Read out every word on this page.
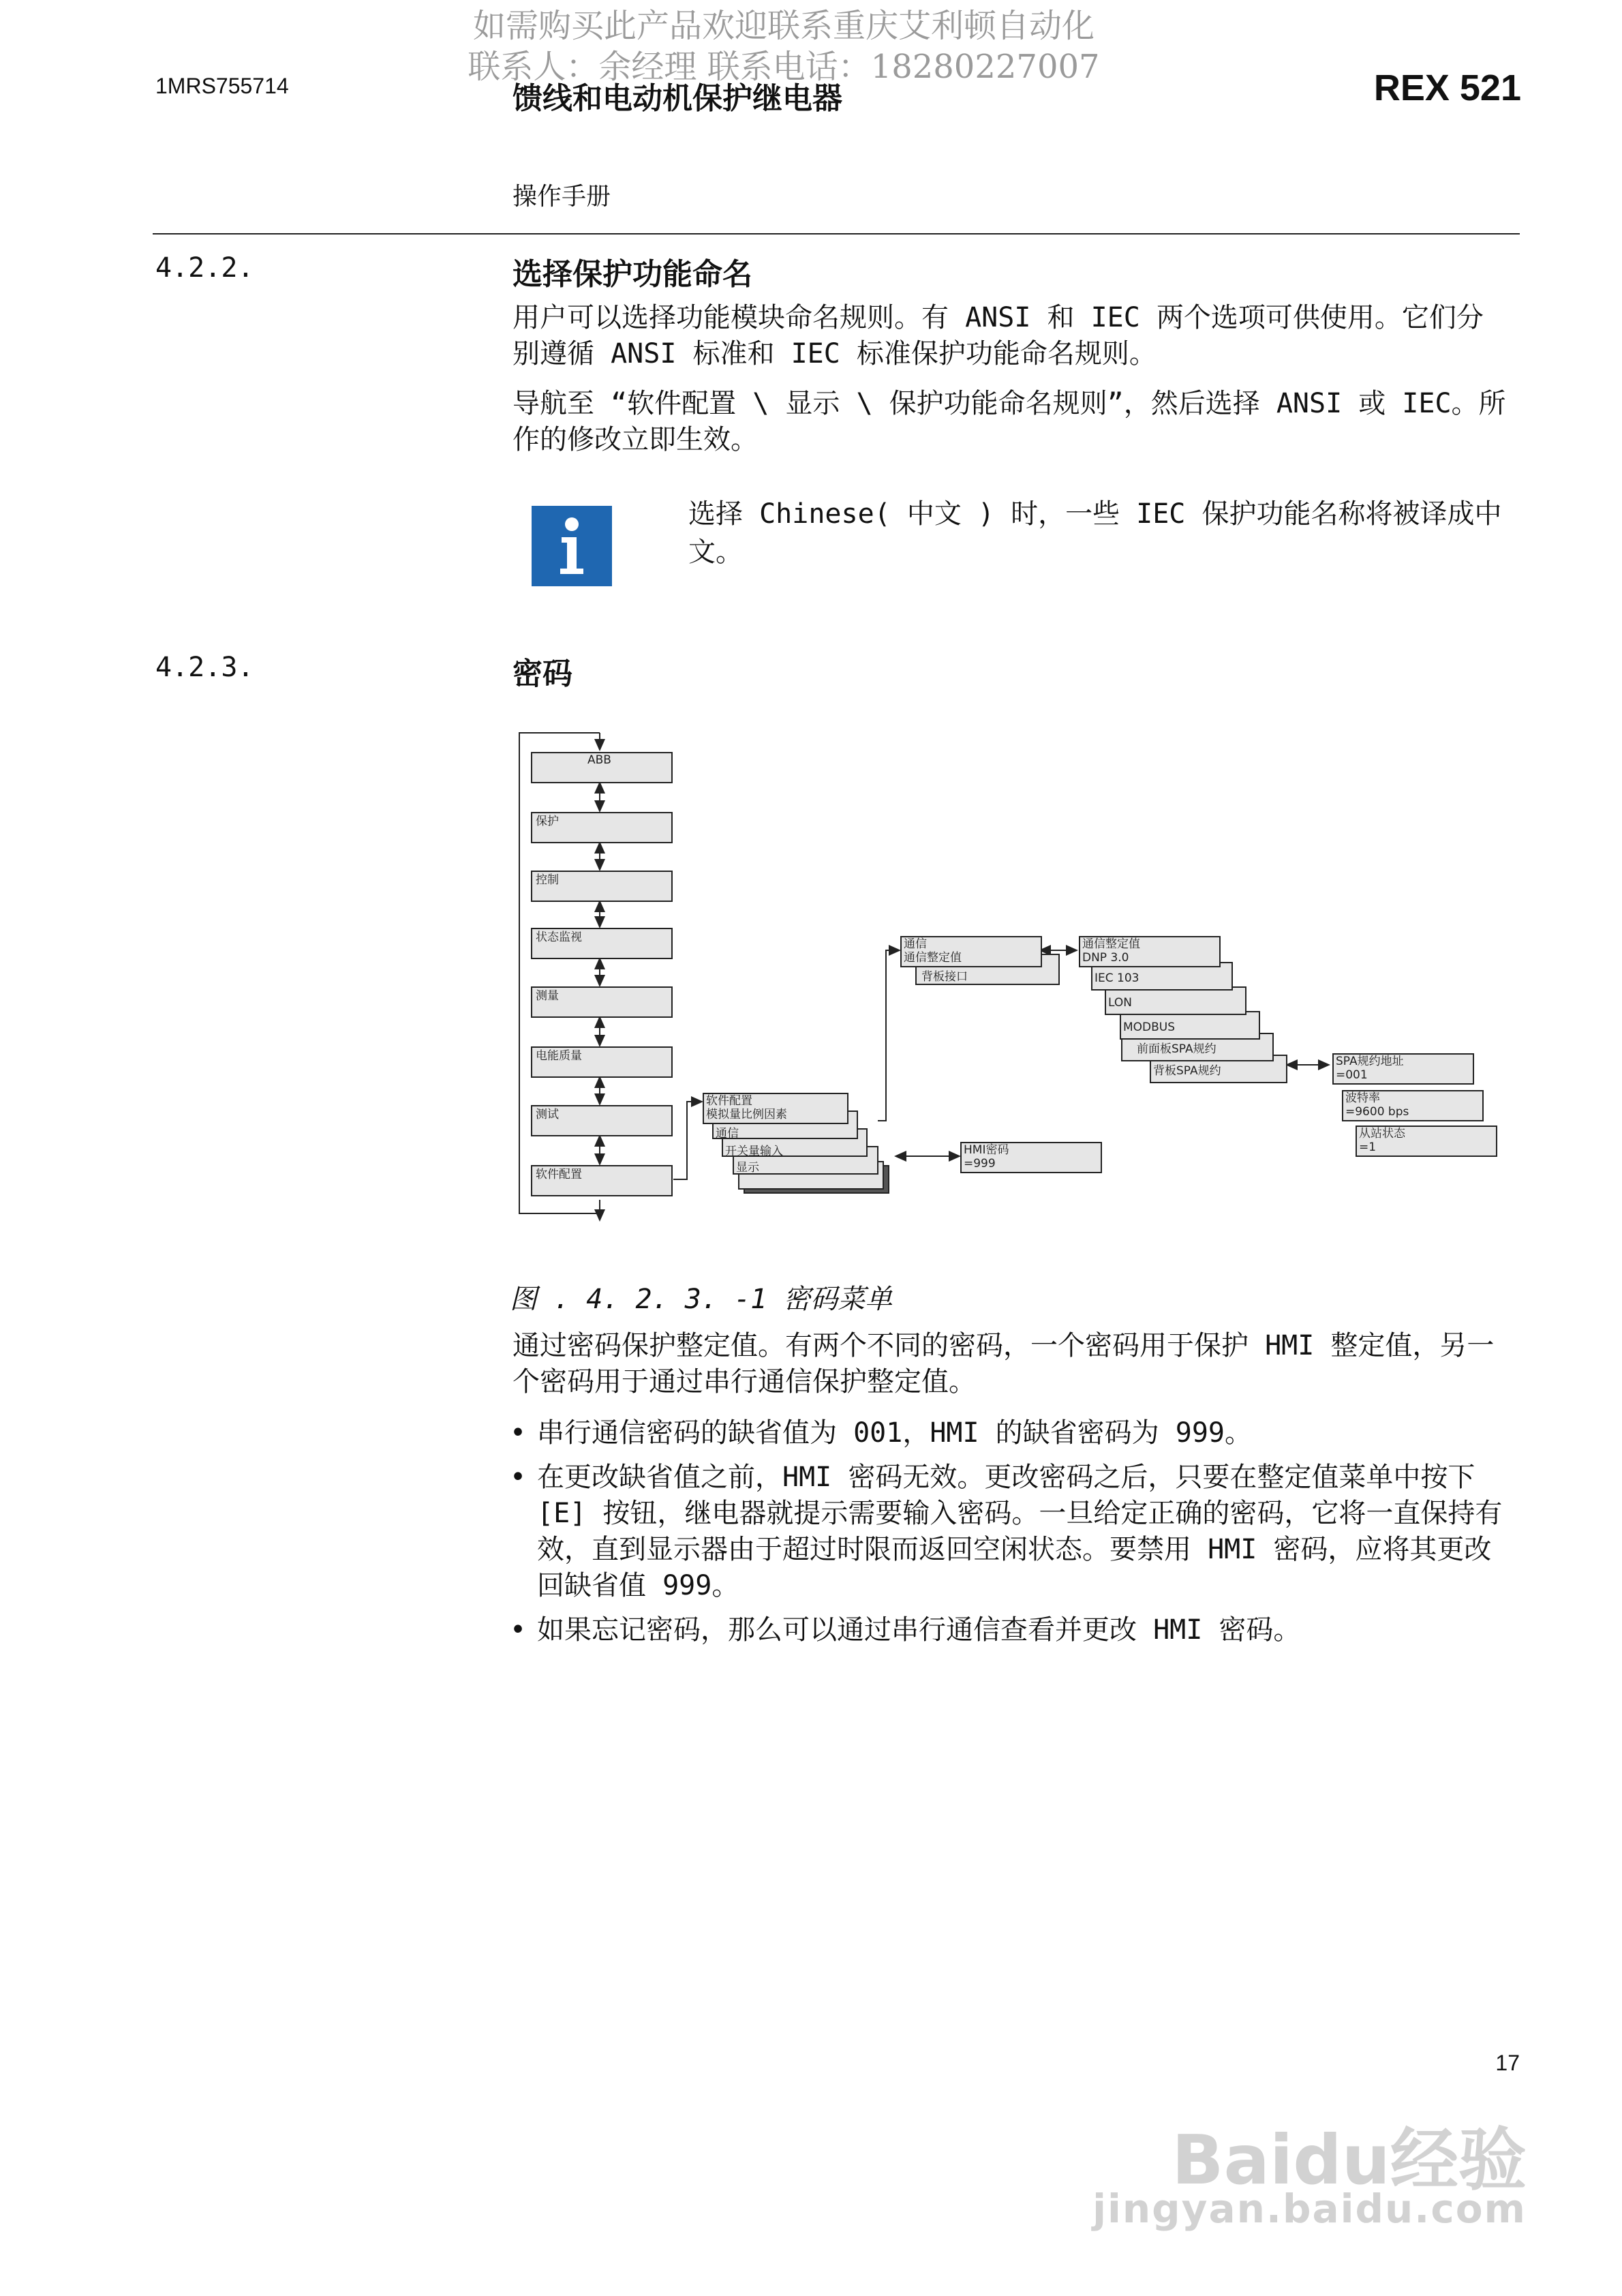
如需购买此产品欢迎联系重庆艾利顿自动化
联系人：余经理 联系电话：18280227007
1MRS755714	馈线和电动机保护继电器	REX 521
操作手册
4.2.2.	选择保护功能命名

用户可以选择功能模块命名规则。有 ANSI 和 IEC 两个选项可供使用。它们分别遵循 ANSI 标准和 IEC 标准保护功能命名规则。

导航至 “软件配置 \ 显示 \ 保护功能命名规则”，然后选择 ANSI 或 IEC。所作的修改立即生效。

选择 Chinese( 中文 ) 时，一些 IEC 保护功能名称将被译成中文。
4.2.3.	密码
ABB
保护
控制
状态监视
测量
电能质量
测试
软件配置
软件配置
模拟量比例因素
通信
开关量输入
显示
HMI密码
=999
通信
通信整定值
背板接口
通信整定值
DNP 3.0
IEC 103
LON
MODBUS
前面板SPA规约
背板SPA规约
SPA规约地址
=001
波特率
=9600 bps
从站状态
=1
图 . 4. 2. 3. -1 密码菜单
通过密码保护整定值。有两个不同的密码，一个密码用于保护 HMI 整定值，另一个密码用于通过串行通信保护整定值。
• 串行通信密码的缺省值为 001，HMI 的缺省密码为 999。
• 在更改缺省值之前，HMI 密码无效。更改密码之后，只要在整定值菜单中按下 [E] 按钮，继电器就提示需要输入密码。一旦给定正确的密码，它将一直保持有效，直到显示器由于超过时限而返回空闲状态。要禁用 HMI 密码，应将其更改回缺省值 999。
• 如果忘记密码，那么可以通过串行通信查看并更改 HMI 密码。
17
Baidu经验
jingyan.baidu.com
